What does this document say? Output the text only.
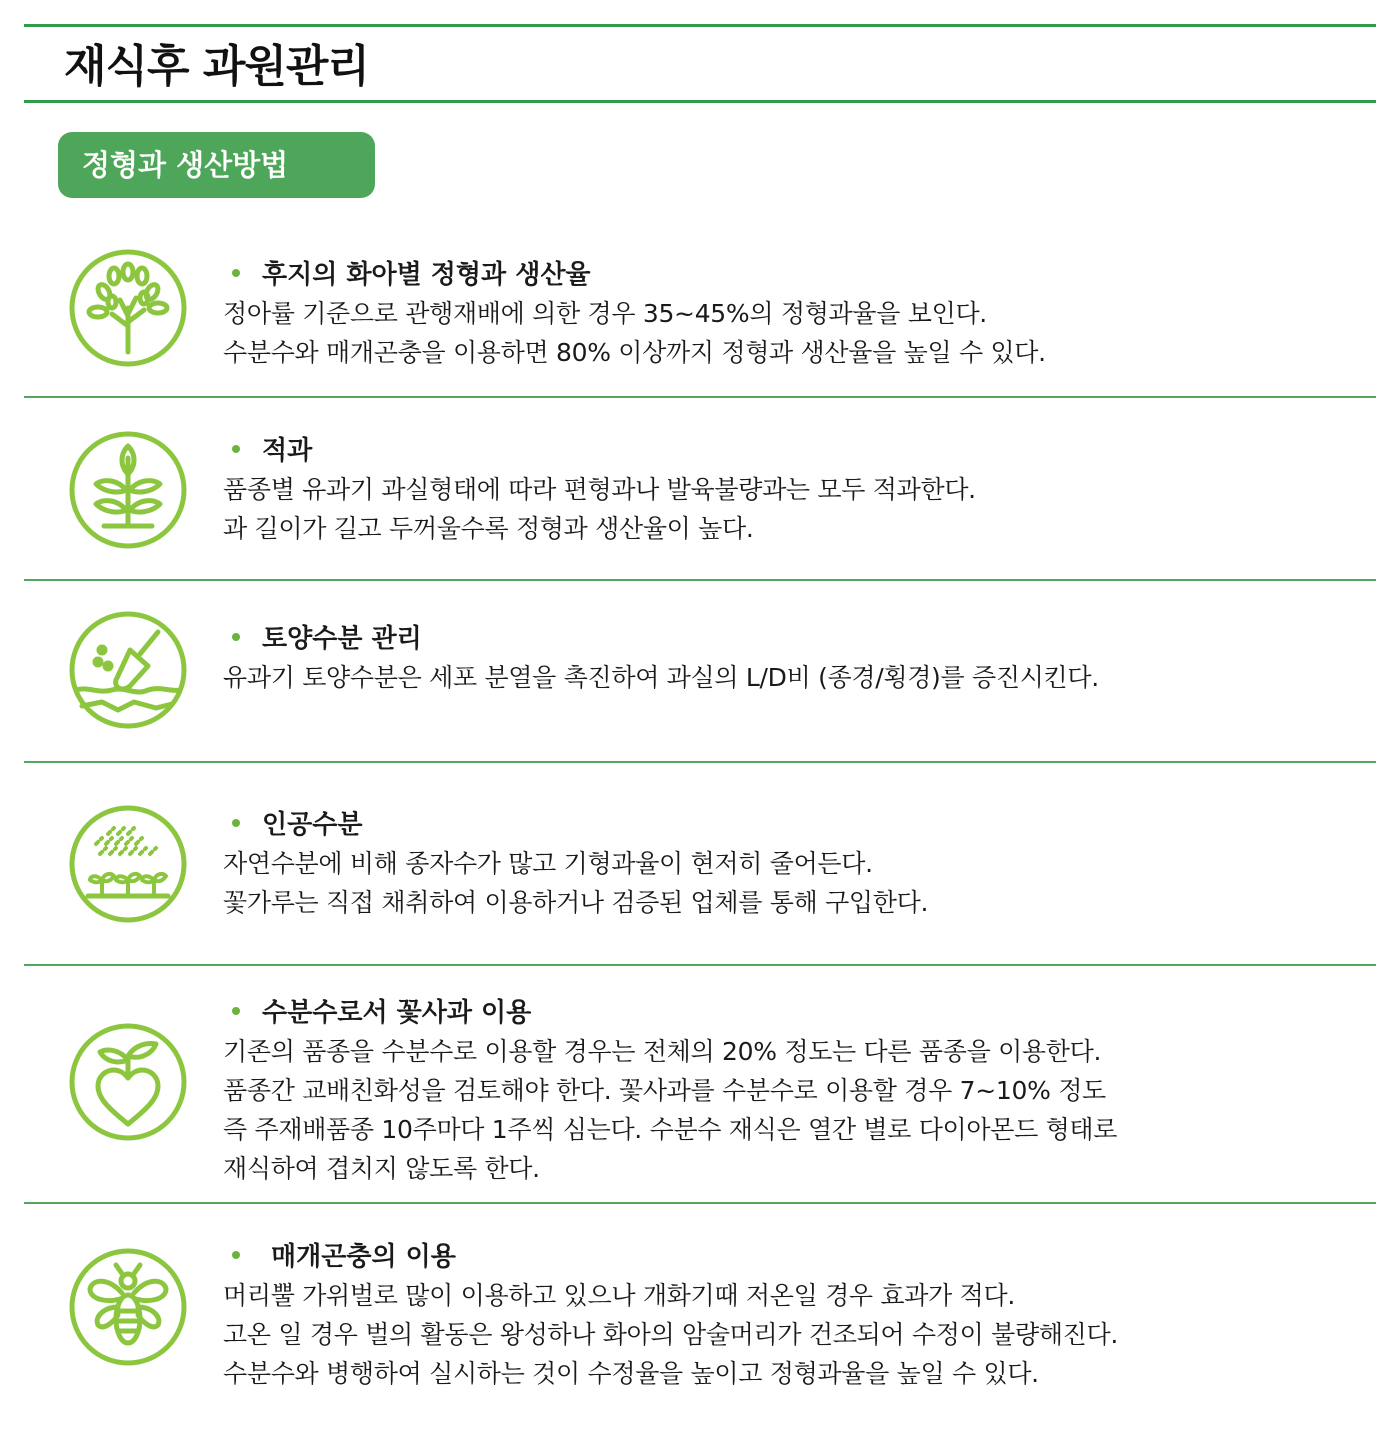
재식후 과원관리
정형과 생산방법
후지의 화아별 정형과 생산율
정아률 기준으로 관행재배에 의한 경우 35~45%의 정형과율을 보인다.
수분수와 매개곤충을 이용하면 80% 이상까지 정형과 생산율을 높일 수 있다.
적과
품종별 유과기 과실형태에 따라 편형과나 발육불량과는 모두 적과한다.
과 길이가 길고 두꺼울수록 정형과 생산율이 높다.
토양수분 관리
유과기 토양수분은 세포 분열을 촉진하여 과실의 L/D비 (종경/횡경)를 증진시킨다.
인공수분
자연수분에 비해 종자수가 많고 기형과율이 현저히 줄어든다.
꽃가루는 직접 채취하여 이용하거나 검증된 업체를 통해 구입한다.
수분수로서 꽃사과 이용
기존의 품종을 수분수로 이용할 경우는 전체의 20% 정도는 다른 품종을 이용한다.
품종간 교배친화성을 검토해야 한다. 꽃사과를 수분수로 이용할 경우 7~10% 정도
즉 주재배품종 10주마다 1주씩 심는다. 수분수 재식은 열간 별로 다이아몬드 형태로
재식하여 겹치지 않도록 한다.
매개곤충의 이용
머리뿔 가위벌로 많이 이용하고 있으나 개화기때 저온일 경우 효과가 적다.
고온 일 경우 벌의 활동은 왕성하나 화아의 암술머리가 건조되어 수정이 불량해진다.
수분수와 병행하여 실시하는 것이 수정율을 높이고 정형과율을 높일 수 있다.
